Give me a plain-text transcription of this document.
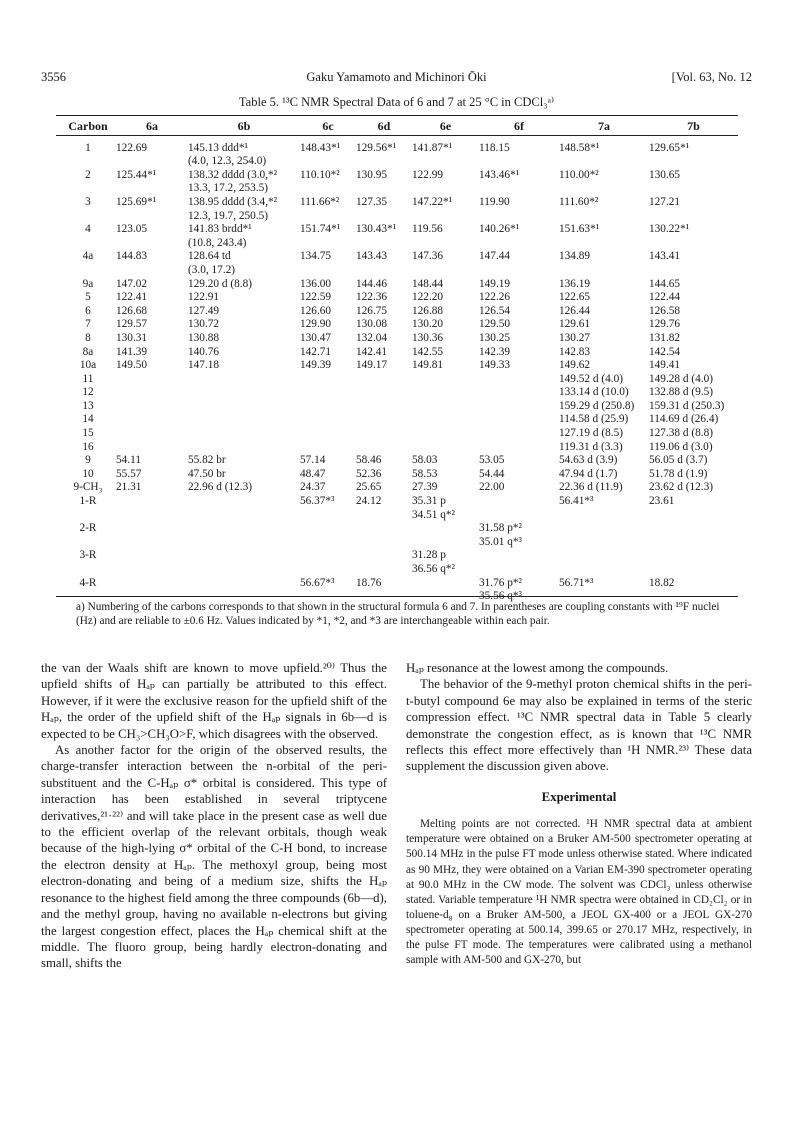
3556	Gaku Yamamoto and Michinori Ōki	[Vol. 63, No. 12
Table 5. ¹³C NMR Spectral Data of 6 and 7 at 25 °C in CDCl₃ᵃ⁾
Carbon	6a	6b	6c	6d	6e	6f	7a	7b

1	122.69	145.13 ddd*¹
(4.0, 12.3, 254.0)	148.43*¹	129.56*¹	141.87*¹	118.15	148.58*¹	129.65*¹

2	125.44*¹	138.32 dddd (3.0,*²
13.3, 17.2, 253.5)	110.10*²	130.95	122.99	143.46*¹	110.00*²	130.65

3	125.69*¹	138.95 dddd (3.4,*²
12.3, 19.7, 250.5)	111.66*²	127.35	147.22*¹	119.90	111.60*²	127.21

4	123.05	141.83 brdd*¹
(10.8, 243.4)	151.74*¹	130.43*¹	119.56	140.26*¹	151.63*¹	130.22*¹

4a	144.83	128.64 td
(3.0, 17.2)	134.75	143.43	147.36	147.44	134.89	143.41

9a	147.02	129.20 d (8.8)	136.00	144.46	148.44	149.19	136.19	144.65

5	122.41	122.91	122.59	122.36	122.20	122.26	122.65	122.44

6	126.68	127.49	126.60	126.75	126.88	126.54	126.44	126.58

7	129.57	130.72	129.90	130.08	130.20	129.50	129.61	129.76

8	130.31	130.88	130.47	132.04	130.36	130.25	130.27	131.82

8a	141.39	140.76	142.71	142.41	142.55	142.39	142.83	142.54

10a	149.50	147.18	149.39	149.17	149.81	149.33	149.62	149.41

11							149.52 d (4.0)	149.28 d (4.0)

12							133.14 d (10.0)	132.88 d (9.5)

13							159.29 d (250.8)	159.31 d (250.3)

14							114.58 d (25.9)	114.69 d (26.4)

15							127.19 d (8.5)	127.38 d (8.8)

16							119.31 d (3.3)	119.06 d (3.0)

9	54.11	55.82 br	57.14	58.46	58.03	53.05	54.63 d (3.9)	56.05 d (3.7)

10	55.57	47.50 br	48.47	52.36	58.53	54.44	47.94 d (1.7)	51.78 d (1.9)

9-CH₃	21.31	22.96 d (12.3)	24.37	25.65	27.39	22.00	22.36 d (11.9)	23.62 d (12.3)

1-R			56.37*³	24.12	35.31 p
34.51 q*²		56.41*³	23.61

2-R						31.58 p*²
35.01 q*³		

3-R					31.28 p
36.56 q*²			

4-R			56.67*³	18.76		31.76 p*²
35.56 q*³	56.71*³	18.82
a) Numbering of the carbons corresponds to that shown in the structural formula 6 and 7. In parentheses are coupling constants with ¹⁹F nuclei (Hz) and are reliable to ±0.6 Hz. Values indicated by *1, *2, and *3 are interchangeable within each pair.

the van der Waals shift are known to move upfield.²⁰⁾ Thus the upfield shifts of Hₐₚ can partially be attributed to this effect. However, if it were the exclusive reason for the upfield shift of the Hₐₚ, the order of the upfield shift of the Hₐₚ signals in 6b—d is expected to be CH₃>CH₃O>F, which disagrees with the observed.

As another factor for the origin of the observed results, the charge-transfer interaction between the n-orbital of the peri-substituent and the C-Hₐₚ σ* orbital is considered. This type of interaction has been established in several triptycene derivatives,²¹·²²⁾ and will take place in the present case as well due to the efficient overlap of the relevant orbitals, though weak because of the high-lying σ* orbital of the C-H bond, to increase the electron density at Hₐₚ. The methoxyl group, being most electron-donating and being of a medium size, shifts the Hₐₚ resonance to the highest field among the three compounds (6b—d), and the methyl group, having no available n-electrons but giving the largest congestion effect, places the Hₐₚ chemical shift at the middle. The fluoro group, being hardly electron-donating and small, shifts the

Hₐₚ resonance at the lowest among the compounds.

The behavior of the 9-methyl proton chemical shifts in the peri-t-butyl compound 6e may also be explained in terms of the steric compression effect. ¹³C NMR spectral data in Table 5 clearly demonstrate the congestion effect, as is known that ¹³C NMR reflects this effect more effectively than ¹H NMR.²³⁾ These data supplement the discussion given above.

Experimental

Melting points are not corrected. ¹H NMR spectral data at ambient temperature were obtained on a Bruker AM-500 spectrometer operating at 500.14 MHz in the pulse FT mode unless otherwise stated. Where indicated as 90 MHz, they were obtained on a Varian EM-390 spectrometer operating at 90.0 MHz in the CW mode. The solvent was CDCl₃ unless otherwise stated. Variable temperature ¹H NMR spectra were obtained in CD₂Cl₂ or in toluene-d₈ on a Bruker AM-500, a JEOL GX-400 or a JEOL GX-270 spectrometer operating at 500.14, 399.65 or 270.17 MHz, respectively, in the pulse FT mode. The temperatures were calibrated using a methanol sample with AM-500 and GX-270, but
